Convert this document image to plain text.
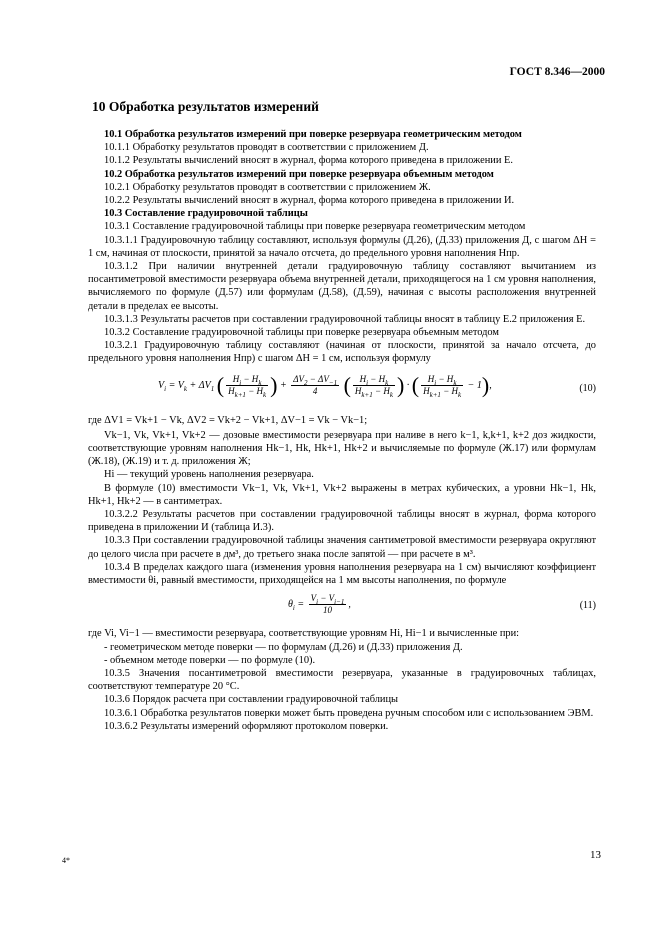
ГОСТ 8.346—2000
10 Обработка результатов измерений

10.1 Обработка результатов измерений при поверке резервуара геометрическим методом

10.1.1 Обработку результатов проводят в соответствии с приложением Д.

10.1.2 Результаты вычислений вносят в журнал, форма которого приведена в приложении Е.

10.2 Обработка результатов измерений при поверке резервуара объемным методом

10.2.1 Обработку результатов проводят в соответствии с приложением Ж.

10.2.2 Результаты вычислений вносят в журнал, форма которого приведена в приложении И.

10.3 Составление градуировочной таблицы

10.3.1 Составление градуировочной таблицы при поверке резервуара геометрическим методом

10.3.1.1 Градуировочную таблицу составляют, используя формулы (Д.26), (Д.33) приложения Д, с шагом ΔH = 1 см, начиная от плоскости, принятой за начало отсчета, до предельного уровня наполнения Hпр.

10.3.1.2 При наличии внутренней детали градуировочную таблицу составляют вычитанием из посантиметровой вместимости резервуара объема внутренней детали, приходящегося на 1 см уровня наполнения, вычисляемого по формуле (Д.57) или формулам (Д.58), (Д.59), начиная с высоты расположения внутренней детали в пределах ее высоты.

10.3.1.3 Результаты расчетов при составлении градуировочной таблицы вносят в таблицу Е.2 приложения Е.

10.3.2 Составление градуировочной таблицы при поверке резервуара объемным методом

10.3.2.1 Градуировочную таблицу составляют (начиная от плоскости, принятой за начало отсчета, до предельного уровня наполнения Hпр) с шагом ΔH = 1 см, используя формулу

$V_i = V_k + \Delta V_1$ ( $\frac{H_i - H_k}{H_{k+1} - H_k}$ ) + $\frac{\Delta V_2 - \Delta V_{-1}}{4}$ ( $\frac{H_i - H_k}{H_{k+1} - H_k}$ ) · ( $\frac{H_i - H_k}{H_{k+1} - H_k} - 1$),	(10)

где ΔV1 = Vk+1 − Vk, ΔV2 = Vk+2 − Vk+1, ΔV−1 = Vk − Vk−1;

Vk−1, Vk, Vk+1, Vk+2 — дозовые вместимости резервуара при наливе в него k−1, k,k+1, k+2 доз жидкости, соответствующие уровням наполнения Hk−1, Hk, Hk+1, Hk+2 и вычисляемые по формуле (Ж.17) или формулам (Ж.18), (Ж.19) и т. д. приложения Ж;

Hi — текущий уровень наполнения резервуара.

В формуле (10) вместимости Vk−1, Vk, Vk+1, Vk+2 выражены в метрах кубических, а уровни Hk−1, Hk, Hk+1, Hk+2 — в сантиметрах.

10.3.2.2 Результаты расчетов при составлении градуировочной таблицы вносят в журнал, форма которого приведена в приложении И (таблица И.3).

10.3.3 При составлении градуировочной таблицы значения сантиметровой вместимости резервуара округляют до целого числа при расчете в дм³, до третьего знака после запятой — при расчете в м³.

10.3.4 В пределах каждого шага (изменения уровня наполнения резервуара на 1 см) вычисляют коэффициент вместимости θi, равный вместимости, приходящейся на 1 мм высоты наполнения, по формуле

$\theta_i = \frac{V_i - V_{i-1}}{10}$ ,	(11)

где Vi, Vi−1 — вместимости резервуара, соответствующие уровням Hi, Hi−1 и вычисленные при:

- геометрическом методе поверки — по формулам (Д.26) и (Д.33) приложения Д.

- объемном методе поверки — по формуле (10).

10.3.5 Значения посантиметровой вместимости резервуара, указанные в градуировочных таблицах, соответствуют температуре 20 °С.

10.3.6 Порядок расчета при составлении градуировочной таблицы

10.3.6.1 Обработка результатов поверки может быть проведена ручным способом или с использованием ЭВМ.

10.3.6.2 Результаты измерений оформляют протоколом поверки.

4*	13
